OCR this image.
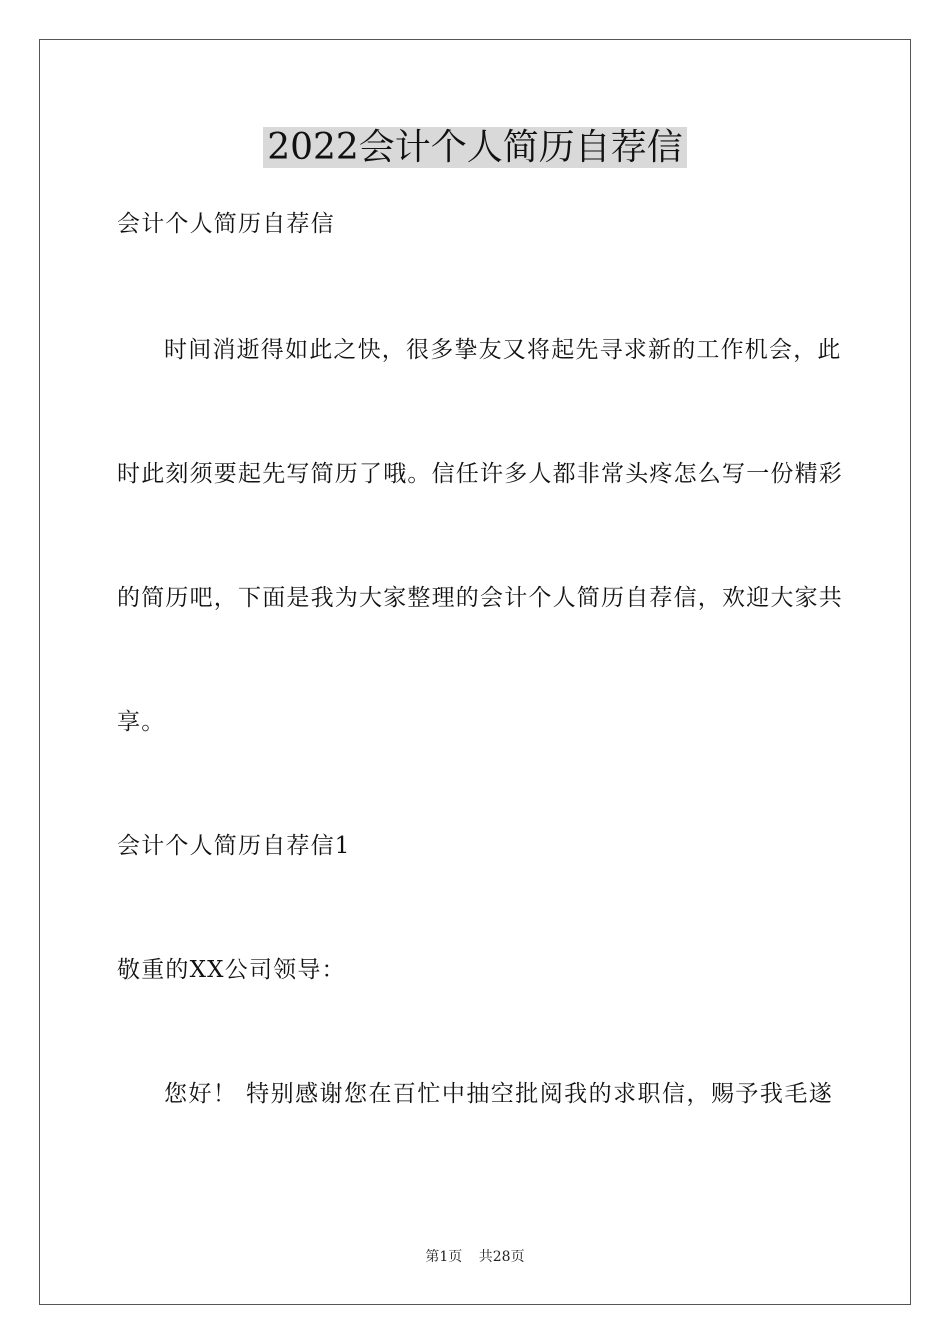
2022会计个人简历自荐信
会计个人简历自荐信
时间消逝得如此之快，很多挚友又将起先寻求新的工作机会，此
时此刻须要起先写简历了哦。信任许多人都非常头疼怎么写一份精彩
的简历吧，下面是我为大家整理的会计个人简历自荐信，欢迎大家共
享。
会计个人简历自荐信1
敬重的XX公司领导：
您好！ 特别感谢您在百忙中抽空批阅我的求职信，赐予我毛遂
第1页 共28页
